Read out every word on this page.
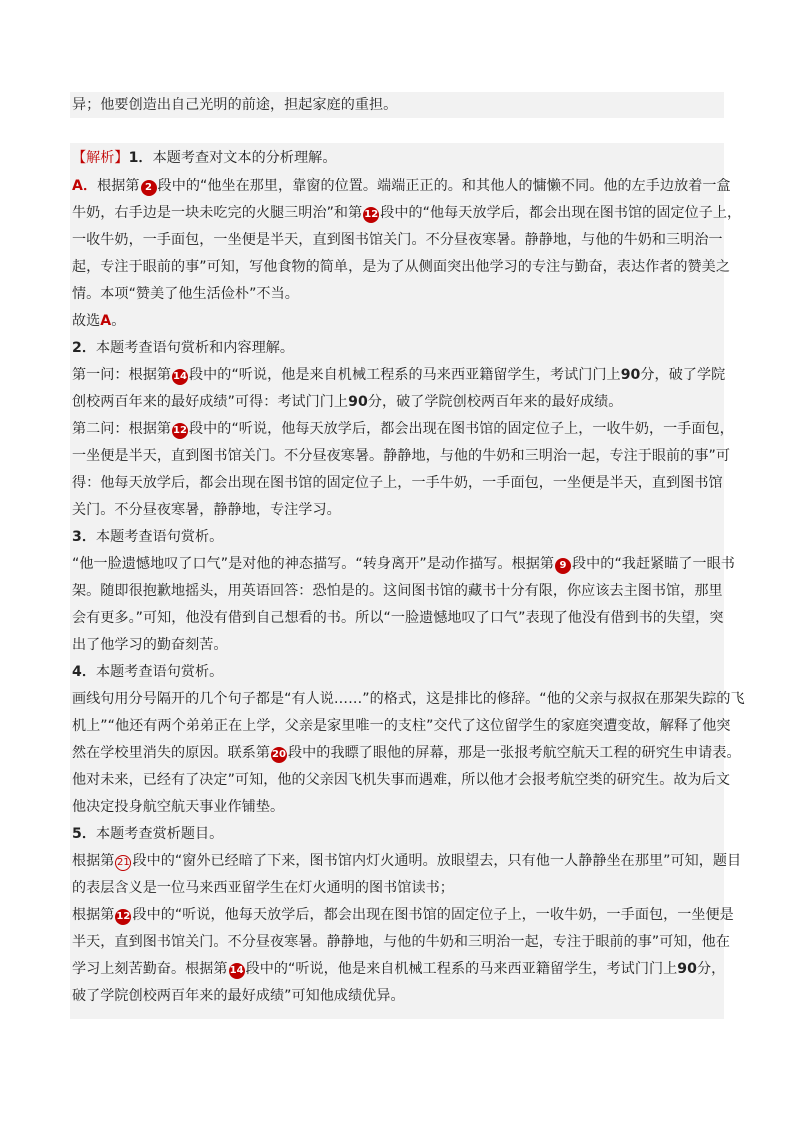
异；他要创造出自己光明的前途，担起家庭的重担。
【解析】1．本题考查对文本的分析理解。
A．根据第 2 段中的“他坐在那里，靠窗的位置。端端正正的。和其他人的慵懒不同。他的左手边放着一盒
牛奶，右手边是一块未吃完的火腿三明治”和第 12 段中的“他每天放学后，都会出现在图书馆的固定位子上，
一收牛奶，一手面包，一坐便是半天，直到图书馆关门。不分昼夜寒暑。静静地，与他的牛奶和三明治一
起，专注于眼前的事”可知，写他食物的简单，是为了从侧面突出他学习的专注与勤奋，表达作者的赞美之
情。本项“赞美了他生活俭朴”不当。
故选A。
2．本题考查语句赏析和内容理解。
第一问：根据第 14 段中的“听说，他是来自机械工程系的马来西亚籍留学生，考试门门上90分，破了学院
创校两百年来的最好成绩”可得：考试门门上90分，破了学院创校两百年来的最好成绩。
第二问：根据第 12 段中的“听说，他每天放学后，都会出现在图书馆的固定位子上，一收牛奶，一手面包，
一坐便是半天，直到图书馆关门。不分昼夜寒暑。静静地，与他的牛奶和三明治一起，专注于眼前的事”可
得：他每天放学后，都会出现在图书馆的固定位子上，一手牛奶，一手面包，一坐便是半天，直到图书馆
关门。不分昼夜寒暑，静静地，专注学习。
3．本题考查语句赏析。
“他一脸遗憾地叹了口气”是对他的神态描写。“转身离开”是动作描写。根据第 9 段中的“我赶紧瞄了一眼书
架。随即很抱歉地摇头，用英语回答：恐怕是的。这间图书馆的藏书十分有限，你应该去主图书馆，那里
会有更多。”可知，他没有借到自己想看的书。所以“一脸遗憾地叹了口气”表现了他没有借到书的失望，突
出了他学习的勤奋刻苦。
4．本题考查语句赏析。
画线句用分号隔开的几个句子都是“有人说……”的格式，这是排比的修辞。“他的父亲与叔叔在那架失踪的飞
机上”“他还有两个弟弟正在上学，父亲是家里唯一的支柱”交代了这位留学生的家庭突遭变故，解释了他突
然在学校里消失的原因。联系第 20 段中的我瞟了眼他的屏幕，那是一张报考航空航天工程的研究生申请表。
他对未来，已经有了决定”可知，他的父亲因飞机失事而遇难，所以他才会报考航空类的研究生。故为后文
他决定投身航空航天事业作铺垫。
5．本题考查赏析题目。
根据第 21 段中的“窗外已经暗了下来，图书馆内灯火通明。放眼望去，只有他一人静静坐在那里”可知，题目
的表层含义是一位马来西亚留学生在灯火通明的图书馆读书；
根据第 12 段中的“听说，他每天放学后，都会出现在图书馆的固定位子上，一收牛奶，一手面包，一坐便是
半天，直到图书馆关门。不分昼夜寒暑。静静地，与他的牛奶和三明治一起，专注于眼前的事”可知，他在
学习上刻苦勤奋。根据第 14 段中的“听说，他是来自机械工程系的马来西亚籍留学生，考试门门上90分，
破了学院创校两百年来的最好成绩”可知他成绩优异。
